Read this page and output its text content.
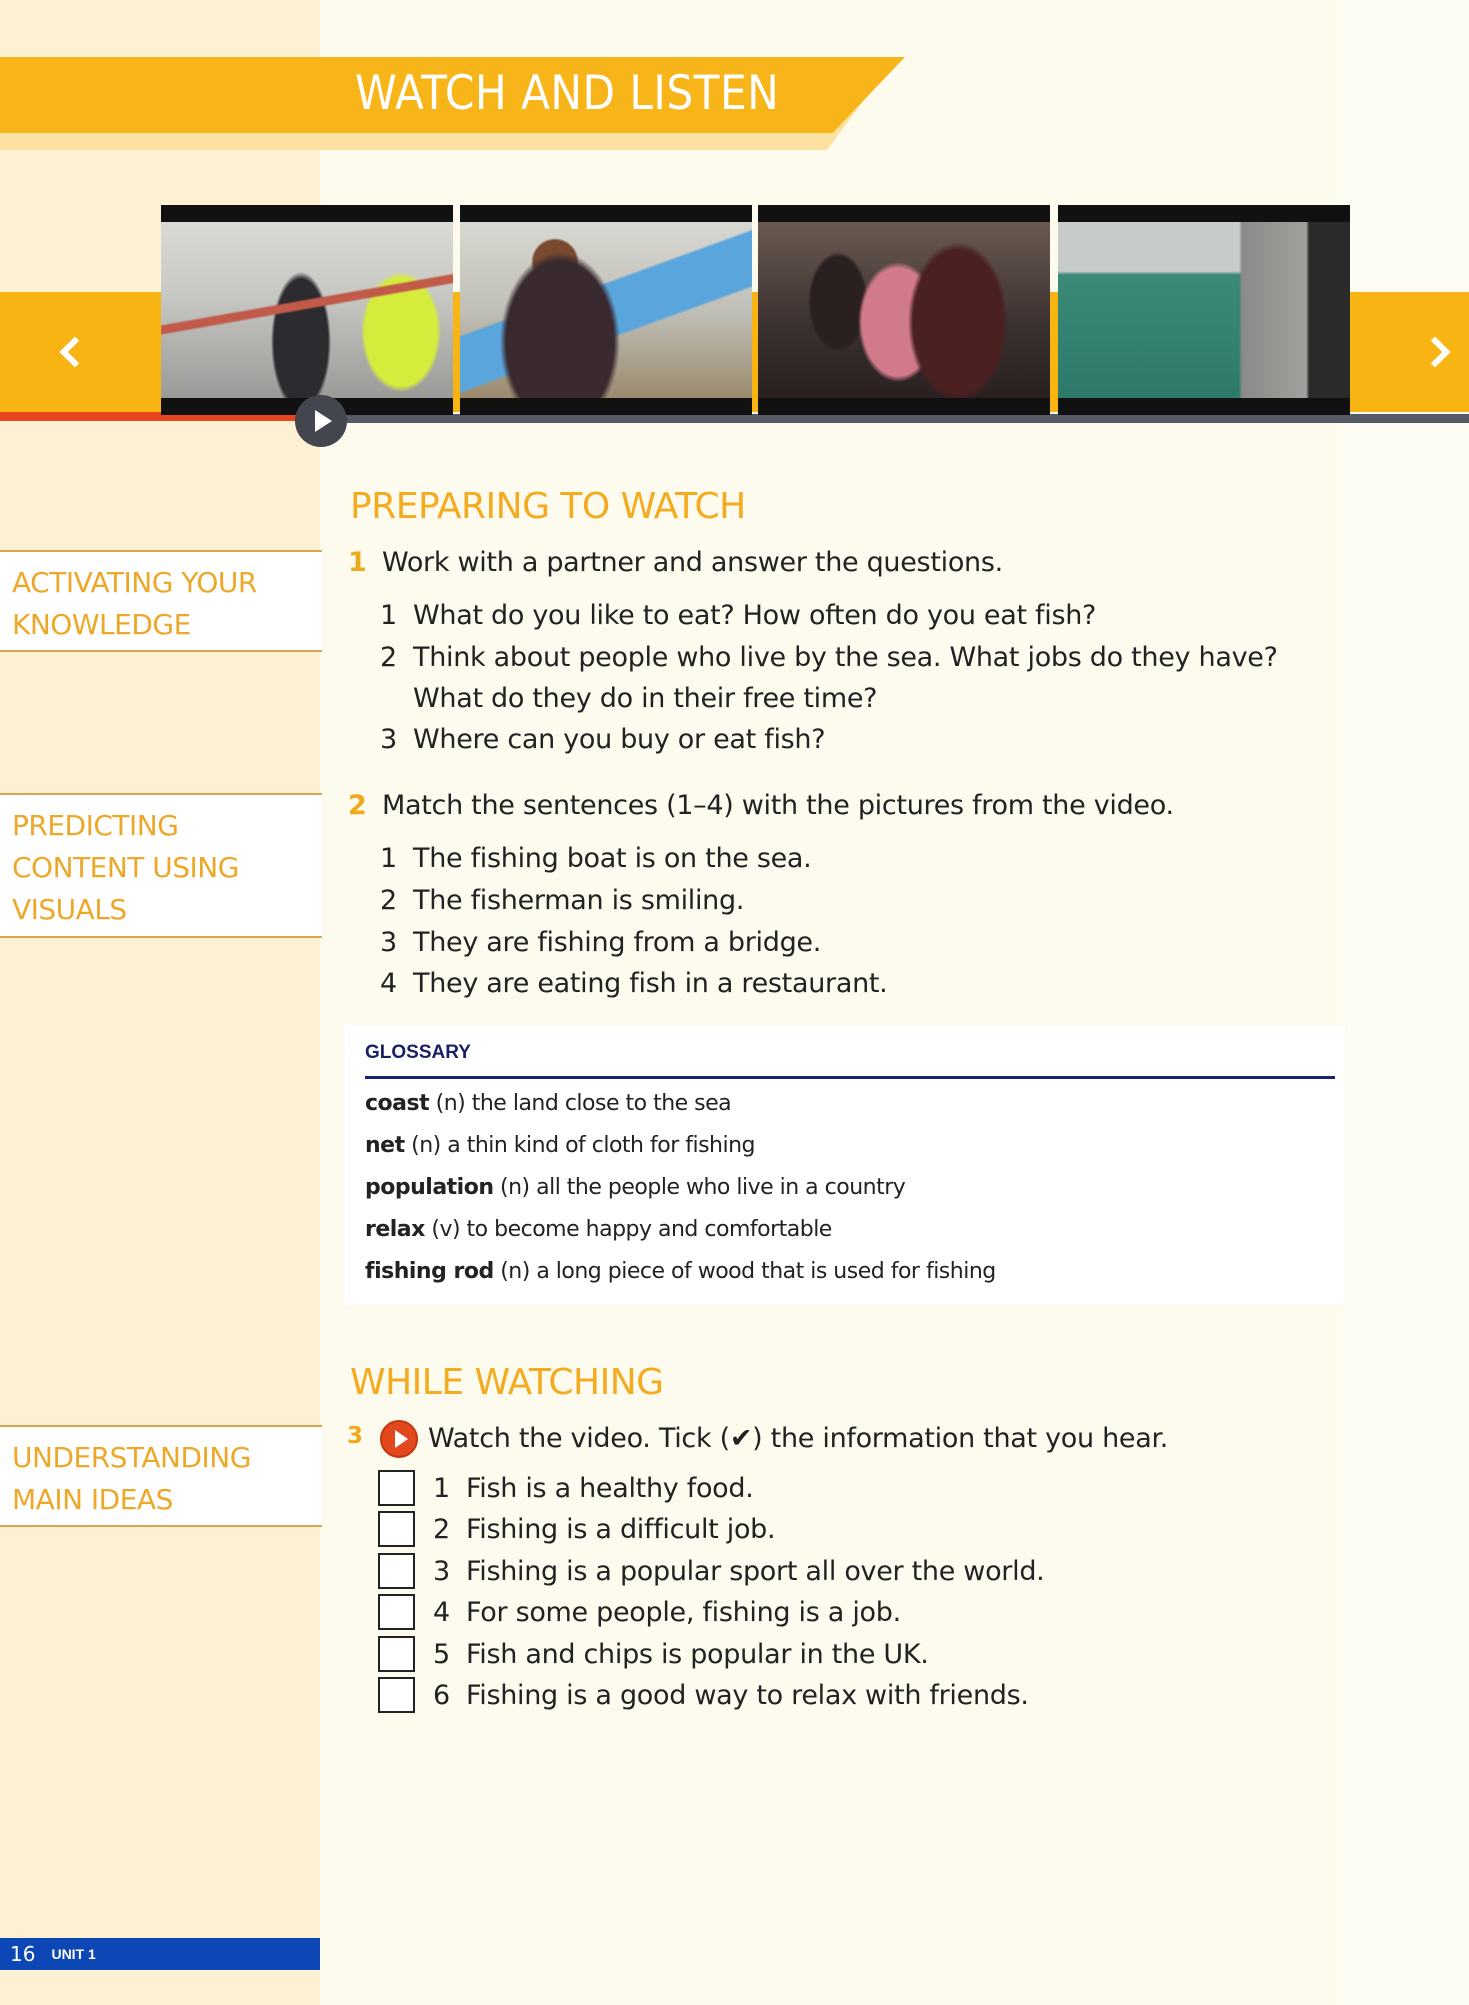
WATCH AND LISTEN
ACTIVATING YOUR
KNOWLEDGE
PREDICTING
CONTENT USING
VISUALS
UNDERSTANDING
MAIN IDEAS
PREPARING TO WATCH
1 Work with a partner and answer the questions.
1 What do you like to eat? How often do you eat fish?
2 Think about people who live by the sea. What jobs do they have?
What do they do in their free time?
3 Where can you buy or eat fish?
2 Match the sentences (1–4) with the pictures from the video.
1 The fishing boat is on the sea.
2 The fisherman is smiling.
3 They are fishing from a bridge.
4 They are eating fish in a restaurant.
GLOSSARY
coast (n) the land close to the sea
net (n) a thin kind of cloth for fishing
population (n) all the people who live in a country
relax (v) to become happy and comfortable
fishing rod (n) a long piece of wood that is used for fishing
WHILE WATCHING
3 Watch the video. Tick (✔) the information that you hear.
1 Fish is a healthy food.
2 Fishing is a difficult job.
3 Fishing is a popular sport all over the world.
4 For some people, fishing is a job.
5 Fish and chips is popular in the UK.
6 Fishing is a good way to relax with friends.
16 UNIT 1
